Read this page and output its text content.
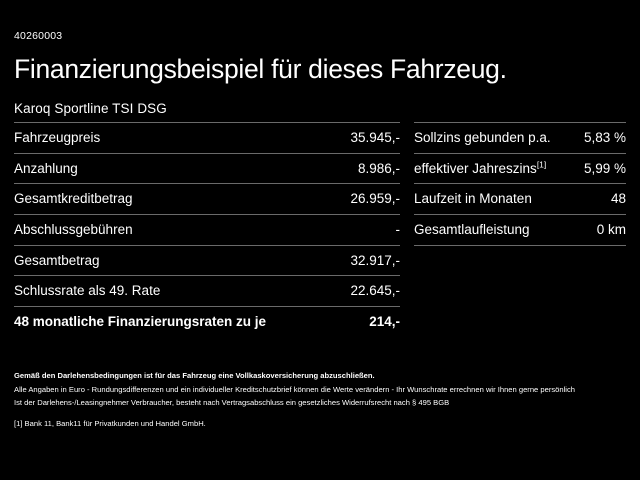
40260003
Finanzierungsbeispiel für dieses Fahrzeug.
Karoq Sportline TSI DSG
Fahrzeugpreis	35.945,-
Anzahlung	8.986,-
Gesamtkreditbetrag	26.959,-
Abschlussgebühren	-
Gesamtbetrag	32.917,-
Schlussrate als 49. Rate	22.645,-
48 monatliche Finanzierungsraten zu je	214,-
Sollzins gebunden p.a.	5,83 %
effektiver Jahreszins[1]	5,99 %
Laufzeit in Monaten	48
Gesamtlaufleistung	0 km

Gemäß den Darlehensbedingungen ist für das Fahrzeug eine Vollkaskoversicherung abzuschließen.

Alle Angaben in Euro - Rundungsdifferenzen und ein individueller Kreditschutzbrief können die Werte verändern - Ihr Wunschrate errechnen wir Ihnen gerne persönlich

Ist der Darlehens-/Leasingnehmer Verbraucher, besteht nach Vertragsabschluss ein gesetzliches Widerrufsrecht nach § 495 BGB

[1] Bank 11, Bank11 für Privatkunden und Handel GmbH.
